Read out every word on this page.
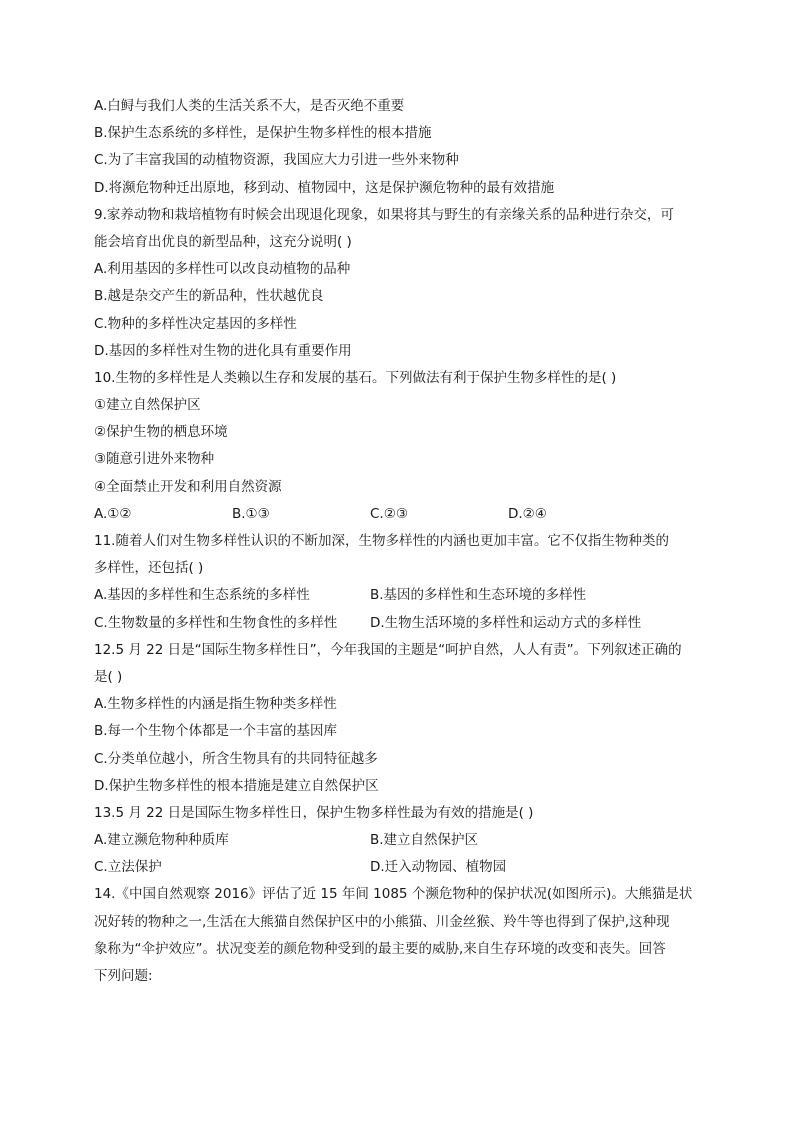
A.白鲟与我们人类的生活关系不大，是否灭绝不重要
B.保护生态系统的多样性，是保护生物多样性的根本措施
C.为了丰富我国的动植物资源，我国应大力引进一些外来物种
D.将濒危物种迁出原地，移到动、植物园中，这是保护濒危物种的最有效措施
9.家养动物和栽培植物有时候会出现退化现象，如果将其与野生的有亲缘关系的品种进行杂交，可
能会培育出优良的新型品种，这充分说明( )
A.利用基因的多样性可以改良动植物的品种
B.越是杂交产生的新品种，性状越优良
C.物种的多样性决定基因的多样性
D.基因的多样性对生物的进化具有重要作用
10.生物的多样性是人类赖以生存和发展的基石。下列做法有利于保护生物多样性的是( )
①建立自然保护区
②保护生物的栖息环境
③随意引进外来物种
④全面禁止开发和利用自然资源
A.①②	B.①③	C.②③	D.②④
11.随着人们对生物多样性认识的不断加深，生物多样性的内涵也更加丰富。它不仅指生物种类的
多样性，还包括( )
A.基因的多样性和生态系统的多样性	B.基因的多样性和生态环境的多样性
C.生物数量的多样性和生物食性的多样性	D.生物生活环境的多样性和运动方式的多样性
12.5 月 22 日是“国际生物多样性日”，今年我国的主题是“呵护自然，人人有责”。下列叙述正确的
是( )
A.生物多样性的内涵是指生物种类多样性
B.每一个生物个体都是一个丰富的基因库
C.分类单位越小，所含生物具有的共同特征越多
D.保护生物多样性的根本措施是建立自然保护区
13.5 月 22 日是国际生物多样性日，保护生物多样性最为有效的措施是( )
A.建立濒危物种种质库	B.建立自然保护区
C.立法保护	D.迁入动物园、植物园
14.《中国自然观察 2016》评估了近 15 年间 1085 个濒危物种的保护状况(如图所示)。大熊猫是状
况好转的物种之一,生活在大熊猫自然保护区中的小熊猫、川金丝猴、羚牛等也得到了保护,这种现
象称为“伞护效应”。状况变差的颜危物种受到的最主要的威胁,来自生存环境的改变和丧失。回答
下列问题:
